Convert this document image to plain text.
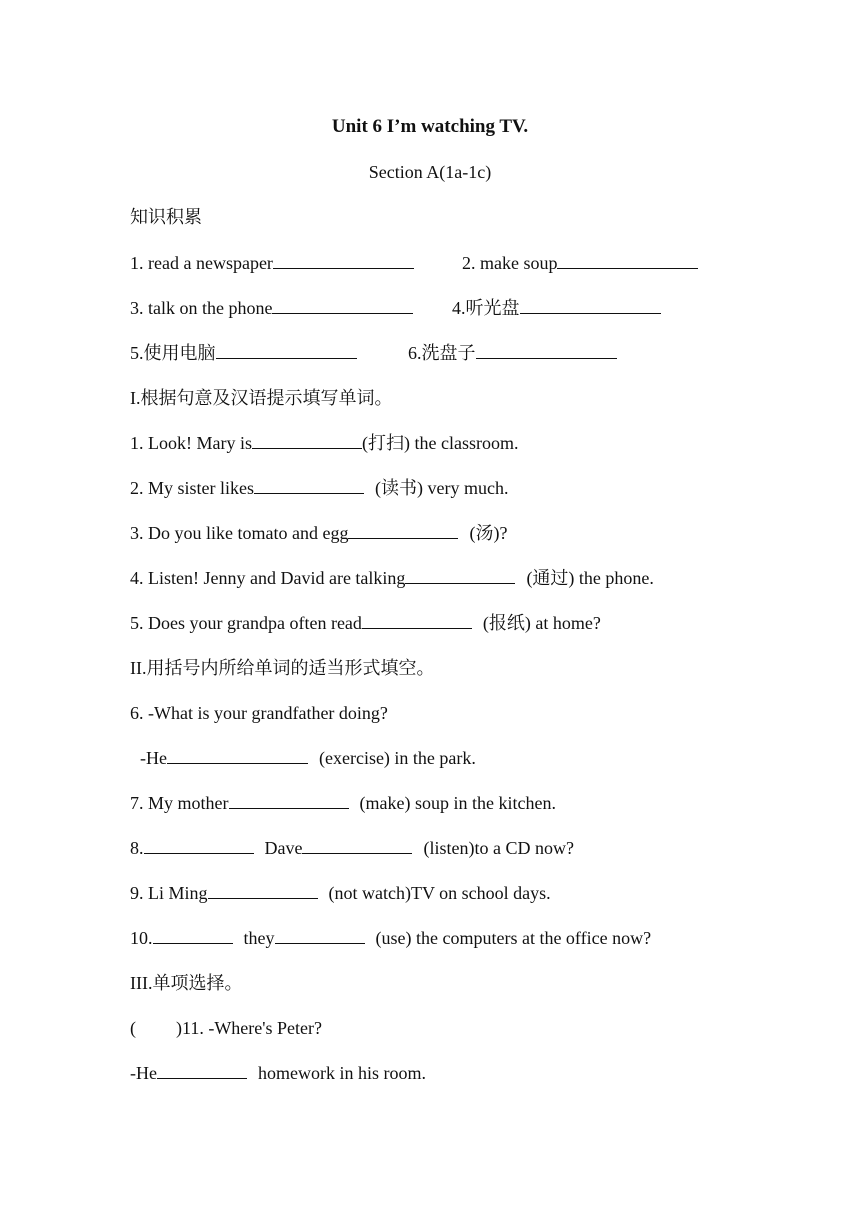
Unit 6 I’m watching TV.
Section A(1a-1c)
知识积累
1. read a newspaper	2. make soup
3. talk on the phone	4.听光盘
5.使用电脑	6.洗盘子
I.根据句意及汉语提示填写单词。
1. Look! Mary is	(打扫) the classroom.
2. My sister likes	(读书) very much.
3. Do you like tomato and egg	(汤)?
4. Listen! Jenny and David are talking	(通过) the phone.
5. Does your grandpa often read	(报纸) at home?
II.用括号内所给单词的适当形式填空。
6. -What is your grandfather doing?
-He	(exercise) in the park.
7. My mother	(make) soup in the kitchen.
8.	Dave	(listen)to a CD now?
9. Li Ming	(not watch)TV on school days.
10.	they	(use) the computers at the office now?
III.单项选择。
( )11. -Where's Peter?
-He	homework in his room.
